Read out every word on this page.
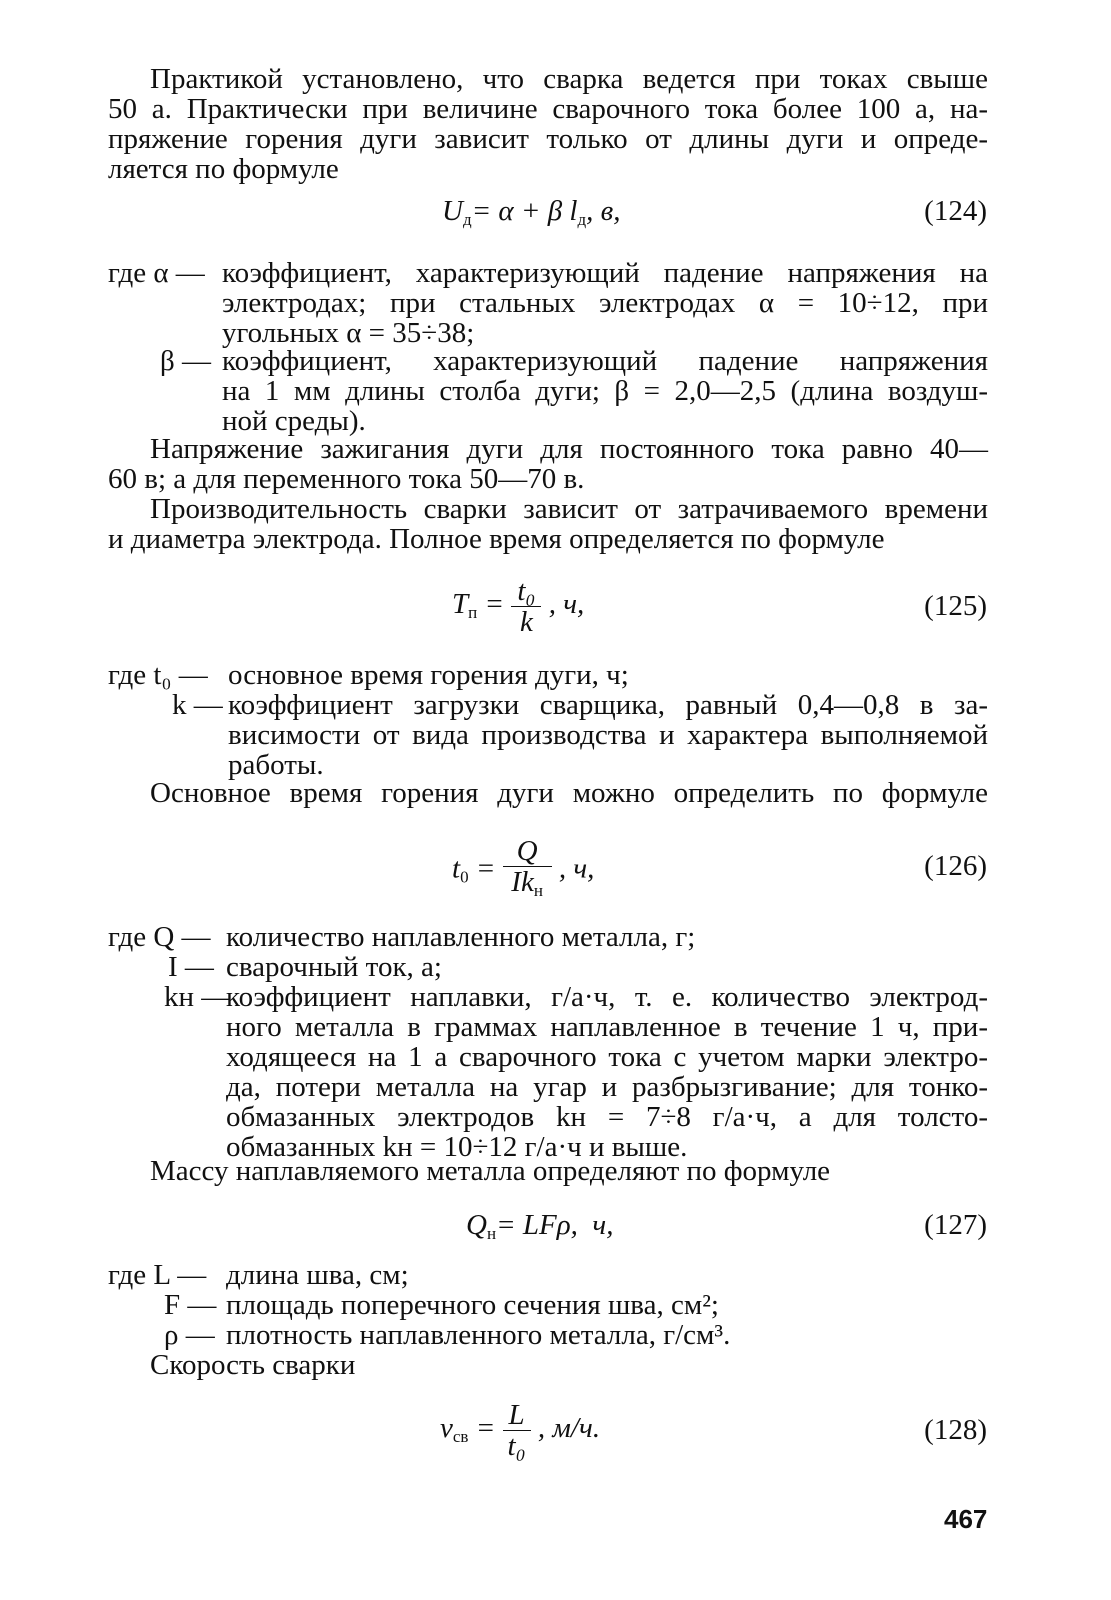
Практикой установлено, что сварка ведется при токах свыше
50 a. Практически при величине сварочного тока более 100 a, на-
пряжение горения дуги зависит только от длины дуги и опреде-
ляется по формуле
$U_д= \alpha + \beta$ $l_д$, в,	(124)
где α — коэффициент, характеризующий падение напряжения на
электродах; при стальных электродах α = 10÷12, при
угольных α = 35÷38;
β — коэффициент, характеризующий падение напряжения
на 1 мм длины столба дуги; β = 2,0—2,5 (длина воздуш-
ной среды).
Напряжение зажигания дуги для постоянного тока равно 40—
60 в; а для переменного тока 50—70 в.
Производительность сварки зависит от затрачиваемого времени
и диаметра электрода. Полное время определяется по формуле
$T_п = \frac{\text{t₀}}{k}$ , ч,	(125)
где t₀ — основное время горения дуги, ч;
k — коэффициент загрузки сварщика, равный 0,4—0,8 в за-
висимости от вида производства и характера выполняемой
работы.
Основное время горения дуги можно определить по формуле
$t_0 = \frac{Q}{Ik_н}$ , ч,	(126)
где Q — количество наплавленного металла, г;
I — сварочный ток, а;
kн —
коэффициент наплавки, г/а·ч, т. е. количество электрод-
ного металла в граммах наплавленное в течение 1 ч, при-
ходящееся на 1 а сварочного тока с учетом марки электро-
да, потери металла на угар и разбрызгивание; для тонко-
обмазанных электродов kн = 7÷8 г/а·ч, а для толсто-
обмазанных kн = 10÷12 г/а·ч и выше.
Массу наплавляемого металла определяют по формуле
$Q_н= LF\rho$, ч,	(127)
где L — длина шва, см;
F — площадь поперечного сечения шва, см²;
ρ — плотность наплавленного металла, г/см³.
Скорость сварки
$v_{св} = \frac{L}{\text{t₀}}$ , м/ч.	(128)
467
